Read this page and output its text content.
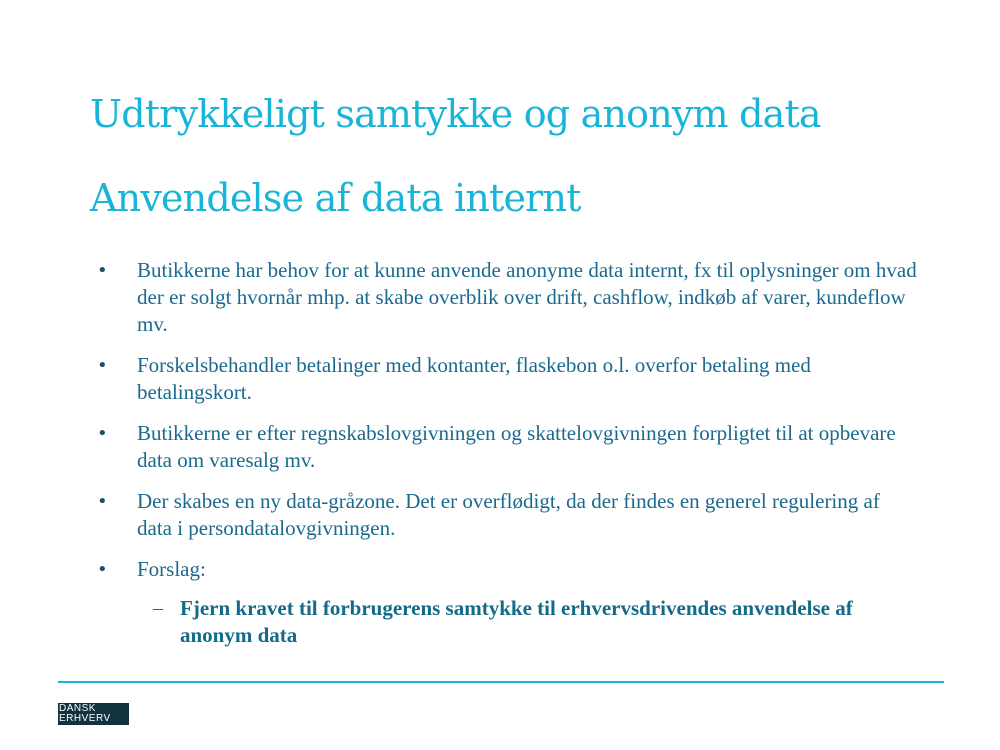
Udtrykkeligt samtykke og anonym data
Anvendelse af data internt
•	Butikkerne har behov for at kunne anvende anonyme data internt, fx til oplysninger om hvad der er solgt hvornår mhp. at skabe overblik over drift, cashflow, indkøb af varer, kundeflow mv.
•	Forskelsbehandler betalinger med kontanter, flaskebon o.l. overfor betaling med betalingskort.
•	Butikkerne er efter regnskabslovgivningen og skattelovgivningen forpligtet til at opbevare data om varesalg mv.
•	Der skabes en ny data-gråzone. Det er overflødigt, da der findes en generel regulering af data i persondatalovgivningen.
•	Forslag:
– Fjern kravet til forbrugerens samtykke til erhvervsdrivendes anvendelse af anonym data
DANSK
ERHVERV
